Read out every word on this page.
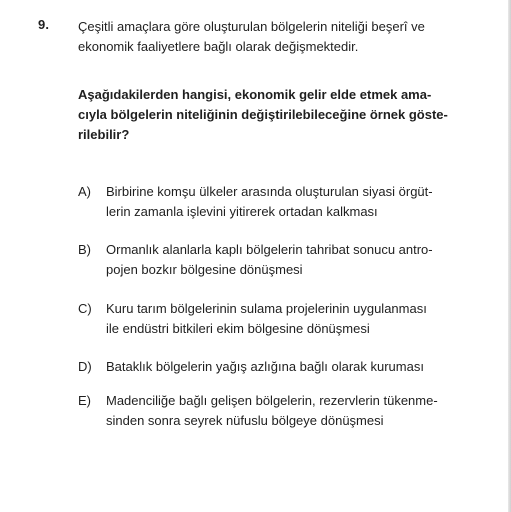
9. Çeşitli amaçlara göre oluşturulan bölgelerin niteliği beşerî ve
ekonomik faaliyetlere bağlı olarak değişmektedir.
Aşağıdakilerden hangisi, ekonomik gelir elde etmek ama-
cıyla bölgelerin niteliğinin değiştirilebileceğine örnek göste-
rilebilir?
A)	Birbirine komşu ülkeler arasında oluşturulan siyasi örgüt-
lerin zamanla işlevini yitirerek ortadan kalkması
B)	Ormanlık alanlarla kaplı bölgelerin tahribat sonucu antro-
pojen bozkır bölgesine dönüşmesi
C)	Kuru tarım bölgelerinin sulama projelerinin uygulanması
ile endüstri bitkileri ekim bölgesine dönüşmesi
D)	Bataklık bölgelerin yağış azlığına bağlı olarak kuruması
E)	Madenciliğe bağlı gelişen bölgelerin, rezervlerin tükenme-
sinden sonra seyrek nüfuslu bölgeye dönüşmesi
